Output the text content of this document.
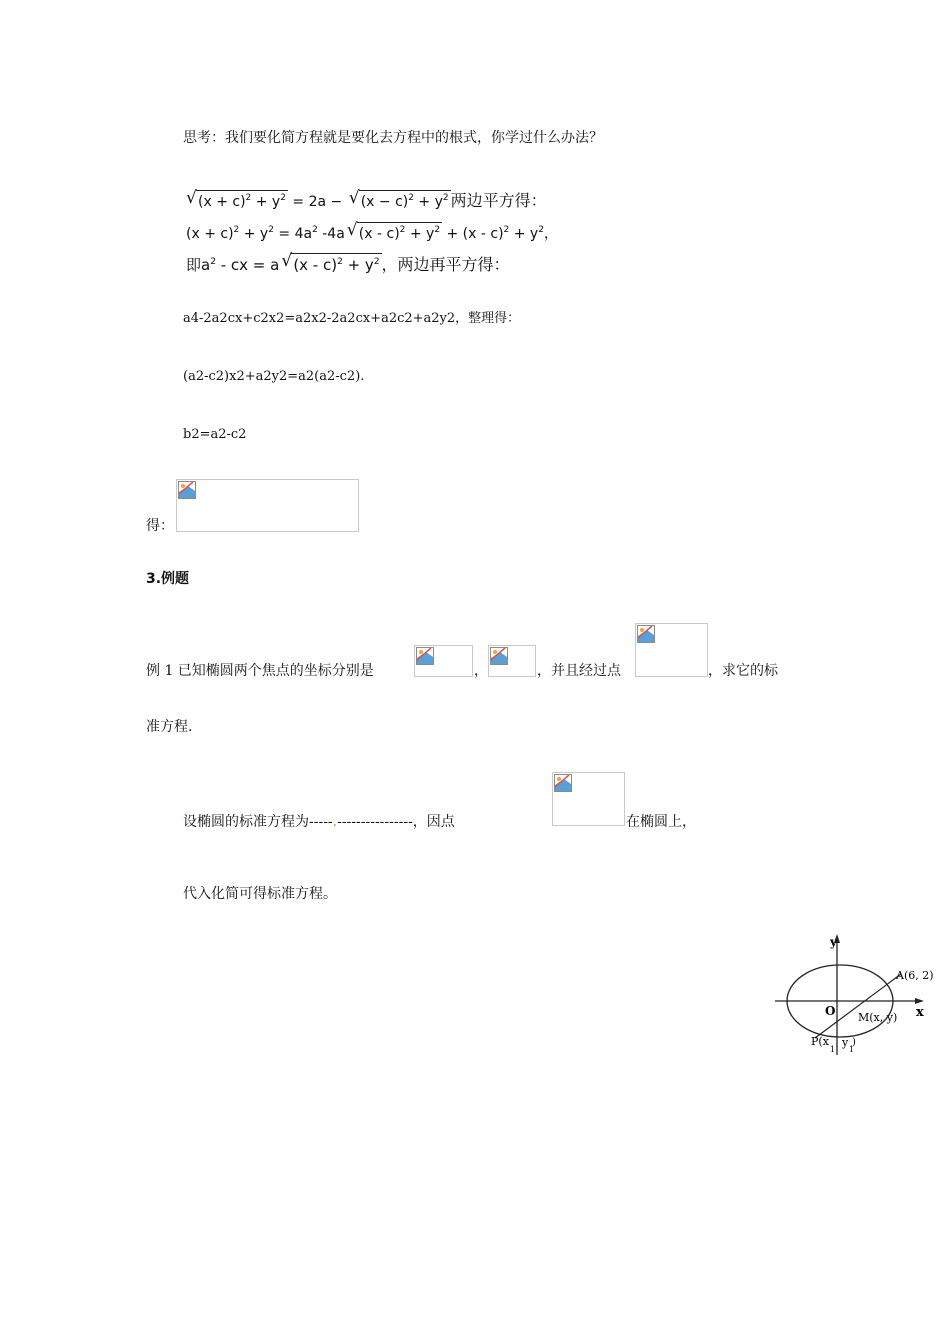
思考：我们要化简方程就是要化去方程中的根式，你学过什么办法？
√ $(x + c)^2 + y^2 = 2a$ − √ $(x - c)^2 + y^2$ 两边平方得：
$(x + c)^2 + y^2 = 4a^2$ -4a √ $(x - c)^2 + y^2 + (x - c)^2 + y^2$，
即$a^2$ - cx = a √ $(x - c)^2 + y^2$ ，两边再平方得：
a4-2a2cx+c2x2=a2x2-2a2cx+a2c2+a2y2，整理得：
(a2-c2)x2+a2y2=a2(a2-c2).
b2=a2-c2
得：
3.例题
例 1 已知椭圆两个焦点的坐标分别是	，	，并且经过点	，求它的标
准方程.
设椭圆的标准方程为-----.----------------，因点	在椭圆上，
代入化简可得标准方程。
y
x
O
A(6, 2)
M(x, y)
P(x
1
y
1
)
